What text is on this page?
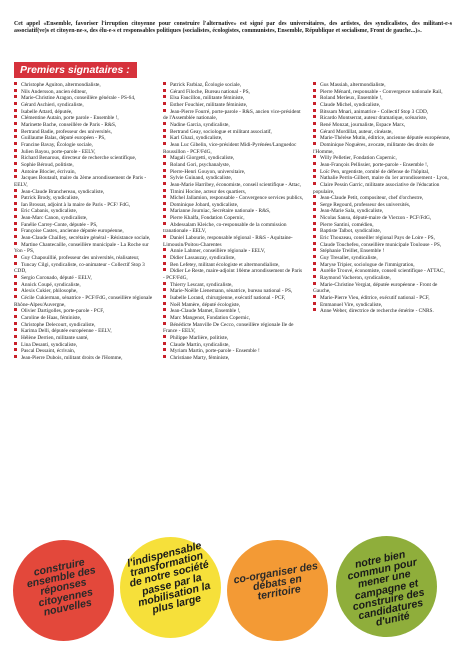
Cet appel «Ensemble, favoriser l'irruption citoyenne pour construire l'alternative» est signé par des universitaires, des artistes, des syndicalistes, des militant-e-s associatif(ve)s et citoyen-ne-s, des élu-e-s et responsables politiques (socialistes, écologistes, communistes, Ensemble, République et socialisme, Front de gauche...)».
Premiers signataires :

Christophe Aguiton, altermondialiste,

Nils Andersson, ancien éditeur,

Marie-Christine Aragon, conseillère générale - PS-64,

Gérard Aschieri, syndicaliste,

Isabelle Attard, députée,

Clémentine Autain, porte parole - Ensemble !,

Marinette Bache, conseillère de Paris - R&S,

Bertrand Badie, professeur des universités,

Guillaume Balas, député européen - PS,

Francine Bavay, Écologie sociale,

Julien Bayou, porte-parole - EELV,

Richard Benarous, directeur de recherche scientifique,

Sophie Béroud, politiste,

Antoine Blocier, écrivain,

Jacques Boutault, maire du 2ème arrondissement de Paris - EELV,

Jean-Claude Branchereau, syndicaliste,

Patrick Brody, syndicaliste,

Ian Brossat, adjoint à la maire de Paris - PCF/ FdG,

Eric Cabanis, syndicaliste,

Jean-Marc Canon, syndicaliste,

Fanélie Carrey-Conte, députée - PS,

Françoise Castex, ancienne députée européenne,

Jean-Claude Chailley, secrétaire général - Résistance sociale,

Martine Chantecaille, conseillère municipale - La Roche sur Yon - PS,

Guy Chapouillié, professeur des universités, réalisateur,

Tuncay Cilgi, syndicaliste, co-animateur - Collectif Stop 3 CDD,

Sergio Coronado, député - EELV,

Annick Coupé, syndicaliste,

Alexis Cukier, philosophe,

Cécile Cukierman, sénatrice - PCF/FdG, conseillère régionale Rhône-Alpes/Auvergne,

Olivier Dartigolles, porte-parole - PCF,

Caroline de Haas, féministe,

Christophe Delecourt, syndicaliste,

Karima Delli, députée européenne - EELV,

Hélène Derrien, militante santé,

Lina Desanti, syndicaliste,

Pascal Dessaint, écrivain,

Jean-Pierre Dubois, militant droits de l'Homme,

Patrick Farbiaz, Écologie sociale,

Gérard Filoche, Bureau national - PS,

Elsa Faucillon, militante féministe,

Esther Fouchier, militante féministe,

Jean-Pierre Fourré, porte-parole - R&S, ancien vice-président de l'Assemblée nationale,

Nadine Garcia, syndicaliste,

Bertrand Geay, sociologue et militant associatif,

Karl Ghazi, syndicaliste,

Jean Luc Gibelin, vice-président Midi-Pyrénées/Languedoc Roussillon - PCF/FdG,

Magali Giorgetti, syndicaliste,

Roland Gori, psychanalyste,

Pierre-Henri Gouyon, universitaire,

Sylvie Guinand, syndicaliste,

Jean-Marie Harribey, économiste, conseil scientifique - Attac,

Timini Hocine, acteur des quartiers,

Michel Jallamion, responsable - Convergence services publics,

Dominique Jobard, syndicaliste,

Marianne Journiac, Secrétaire nationale - R&S,

Pierre Khalfa, Fondation Copernic,

Abdessalam Kleiche, co-responsable de la commission tranationale - EELV,

Daniel Labourie, responsable régional - R&S - Aquitaine-Limousin/Poitou-Charentes

Annie Lahmer, conseillère régionale - EELV,

Didier Lassauzay, syndicaliste,

Ben Lefetey, militant écologiste et altermondialiste,

Didier Le Reste, maire-adjoint 10ème arrondissement de Paris - PCF/FdG,

Thierry Lescant, syndicaliste,

Marie-Noëlle Lienemann, sénatrice, bureau national - PS,

Isabelle Lorand, chirurgienne, exécutif national - PCF,

Noël Mamère, député écologiste,

Jean-Claude Mamet, Ensemble !,

Marc Mangenot, Fondation Copernic,

Bénédicte Manville De Cecco, conseillère régionale Ile de France - EELV,

Philippe Marlière, politiste,

Claude Martin, syndicaliste,

Myriam Martin, porte-parole - Ensemble !

Christiane Marty, féministe,

Gus Massiah, altermondialiste,

Pierre Ménard, responsable - Convergence nationale Rail,

Roland Merieux, Ensemble !,

Claude Michel, syndicaliste,

Bitssam Mnari, animatrice - Collectif Stop 3 CDD,

Ricardo Montserrat, auteur dramatique, scénariste,

René Monzat, journaliste, Espace Marx,

Gérard Mordillat, auteur, cinéaste,

Marie-Thérèse Mutin, éditrice, ancienne députée européenne,

Dominique Noguères, avocate, militante des droits de l'Homme,

Willy Pelletier, Fondation Copernic,

Jean-François Pellissier, porte-parole - Ensemble !,

Loïc Pen, urgentiste, comité de défense de l'hôpital,

Nathalie Perrin-Gilbert, maire du 1er arrondissement - Lyon,

Claire Pessin Garric, militante associative de l'éducation populaire,

Jean-Claude Petit, compositeur, chef d'orchestre,

Serge Regourd, professeur des universités,

Jean-Marie Sala, syndicaliste,

Nicolas Sansu, député-maire de Vierzon - PCF/FdG,

Pierre Santini, comédien,

Baptiste Talbot, syndicaliste,

Eric Thouzeau, conseiller régional Pays de Loire - PS,

Claude Touchefeu, conseillère municipale Toulouse - PS,

Stéphanie Treillet, Ensemble !

Guy Tresallet, syndicaliste,

Maryse Tripier, sociologue de l'immigration,

Aurélie Trouvé, économiste, conseil scientifique - ATTAC,

Raymond Vacheron, syndicaliste,

Marie-Christine Vergiat, députée européenne - Front de Gauche,

Marie-Pierre Vieu, éditrice, exécutif national - PCF,

Emmanuel Vire, syndicaliste,

Anne Weber, directrice de recherche émérite - CNRS.

construire ensemble des réponses citoyennes nouvelles
l'indispensable transformation de notre société passe par la mobilisation la plus large
co-organiser des débats en territoire
notre bien commun pour mener une campagne et construire des candidatures d'unité
